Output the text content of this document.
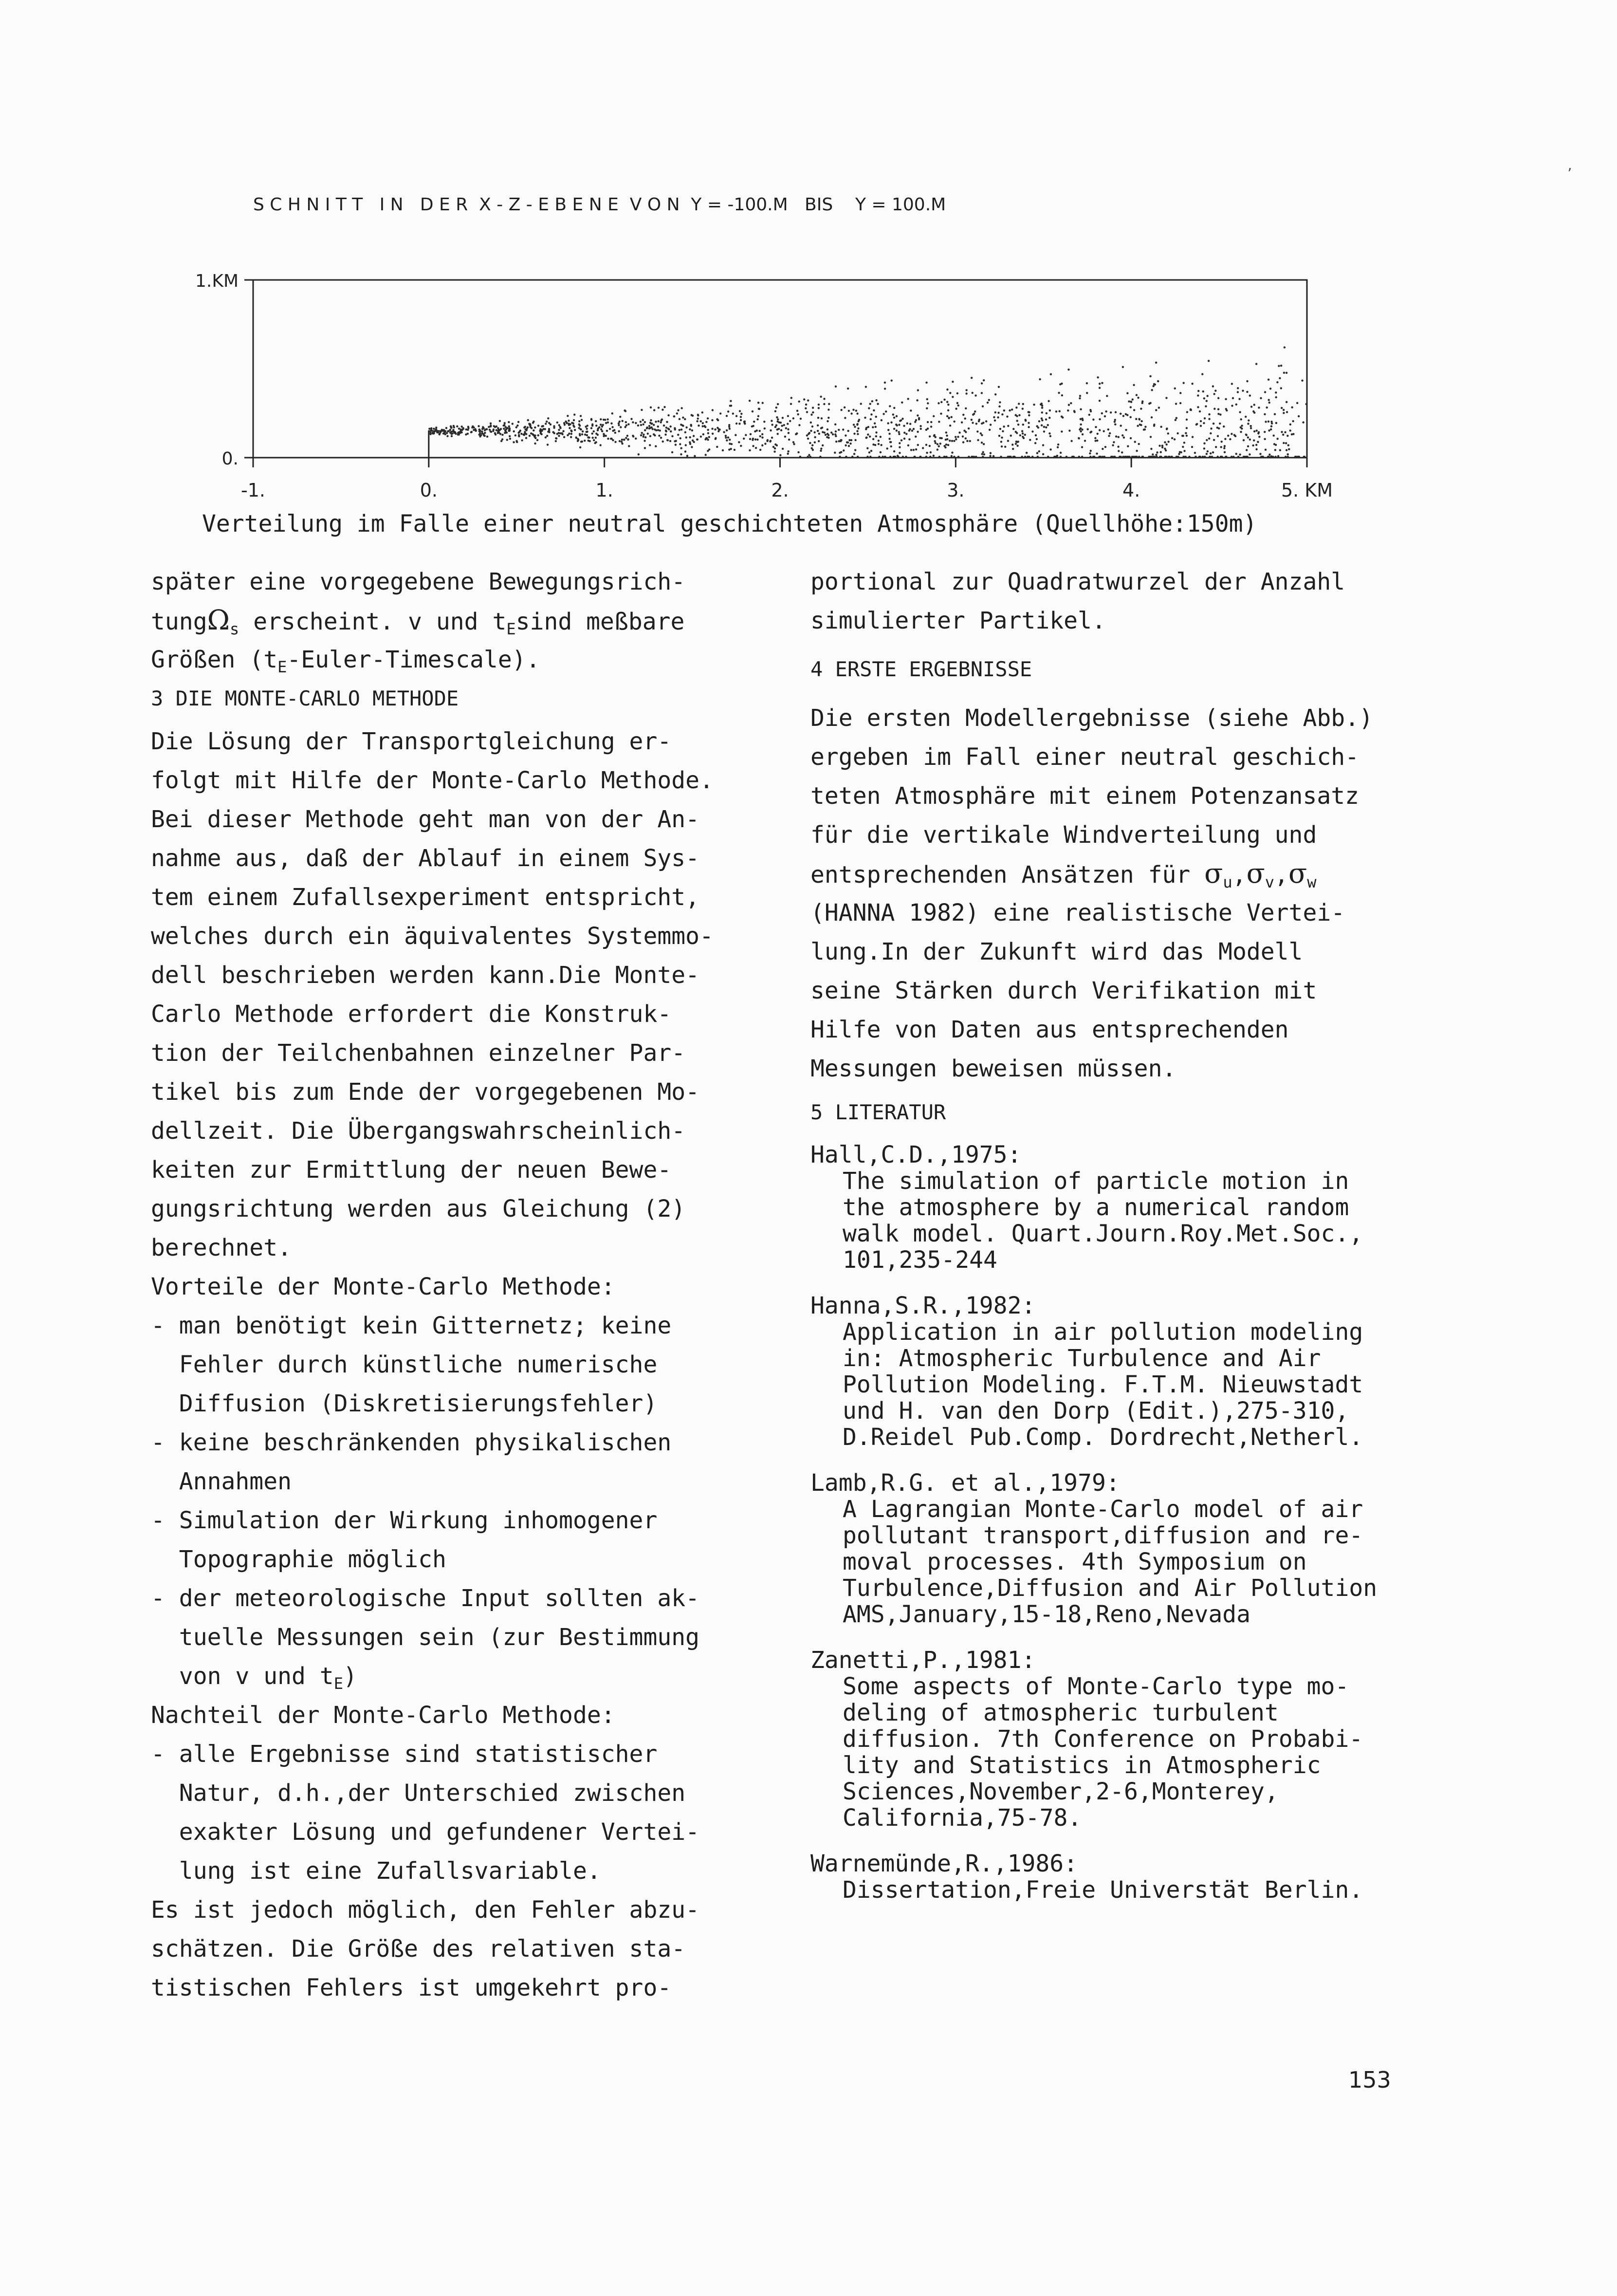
S C H N I T T   I N   D E R  X - Z - E B E N E  V O N  Y = -100.M   BIS    Y = 100.M
0.
1.KM
-1.	0.	1.	2.	3.	4.	5. KM
Verteilung im Falle einer neutral geschichteten Atmosphäre (Quellhöhe:150m)
später eine vorgegebene Bewegungsrich-
tungΩ$_s$ erscheint. v und $t_E\sin d$ meßbare
Größen $(t_E-Euler-Timescale)$.
3 DIE MONTE-CARLO METHODE
Die Lösung der Transportgleichung er-
folgt mit Hilfe der Monte-Carlo Methode.
Bei dieser Methode geht man von der An-
nahme aus, daß der Ablauf in einem Sys-
tem einem Zufallsexperiment entspricht,
welches durch ein äquivalentes Systemmo-
dell beschrieben werden kann.Die Monte-
Carlo Methode erfordert die Konstruk-
tion der Teilchenbahnen einzelner Par-
tikel bis zum Ende der vorgegebenen Mo-
dellzeit. Die Übergangswahrscheinlich-
keiten zur Ermittlung der neuen Bewe-
gungsrichtung werden aus Gleichung (2)
berechnet.
Vorteile der Monte-Carlo Methode:
- man benötigt kein Gitternetz; keine
Fehler durch künstliche numerische
Diffusion (Diskretisierungsfehler)
- keine beschränkenden physikalischen
Annahmen
- Simulation der Wirkung inhomogener
Topographie möglich
- der meteorologische Input sollten ak-
tuelle Messungen sein (zur Bestimmung
von v und $t_E$)
Nachteil der Monte-Carlo Methode:
- alle Ergebnisse sind statistischer
Natur, d.h.,der Unterschied zwischen
exakter Lösung und gefundener Vertei-
lung ist eine Zufallsvariable.
Es ist jedoch möglich, den Fehler abzu-
schätzen. Die Größe des relativen sta-
tistischen Fehlers ist umgekehrt pro-
portional zur Quadratwurzel der Anzahl
simulierter Partikel.
4 ERSTE ERGEBNISSE
Die ersten Modellergebnisse (siehe Abb.)
ergeben im Fall einer neutral geschich-
teten Atmosphäre mit einem Potenzansatz
für die vertikale Windverteilung und
entsprechenden Ansätzen für $\sigma_u,\sigma_v,\sigma_w$
(HANNA 1982) eine realistische Vertei-
lung.In der Zukunft wird das Modell
seine Stärken durch Verifikation mit
Hilfe von Daten aus entsprechenden
Messungen beweisen müssen.
5 LITERATUR
Hall,C.D.,1975:
The simulation of particle motion in
the atmosphere by a numerical random
walk model. Quart.Journ.Roy.Met.Soc.,
101,235-244
Hanna,S.R.,1982:
Application in air pollution modeling
in: Atmospheric Turbulence and Air
Pollution Modeling. F.T.M. Nieuwstadt
und H. van den Dorp (Edit.),275-310,
D.Reidel Pub.Comp. Dordrecht,Netherl.
Lamb,R.G. et al.,1979:
A Lagrangian Monte-Carlo model of air
pollutant transport,diffusion and re-
moval processes. 4th Symposium on
Turbulence,Diffusion and Air Pollution
AMS,January,15-18,Reno,Nevada
Zanetti,P.,1981:
Some aspects of Monte-Carlo type mo-
deling of atmospheric turbulent
diffusion. 7th Conference on Probabi-
lity and Statistics in Atmospheric
Sciences,November,2-6,Monterey,
California,75-78.
Warnemünde,R.,1986:
Dissertation,Freie Universtät Berlin.
’
153
